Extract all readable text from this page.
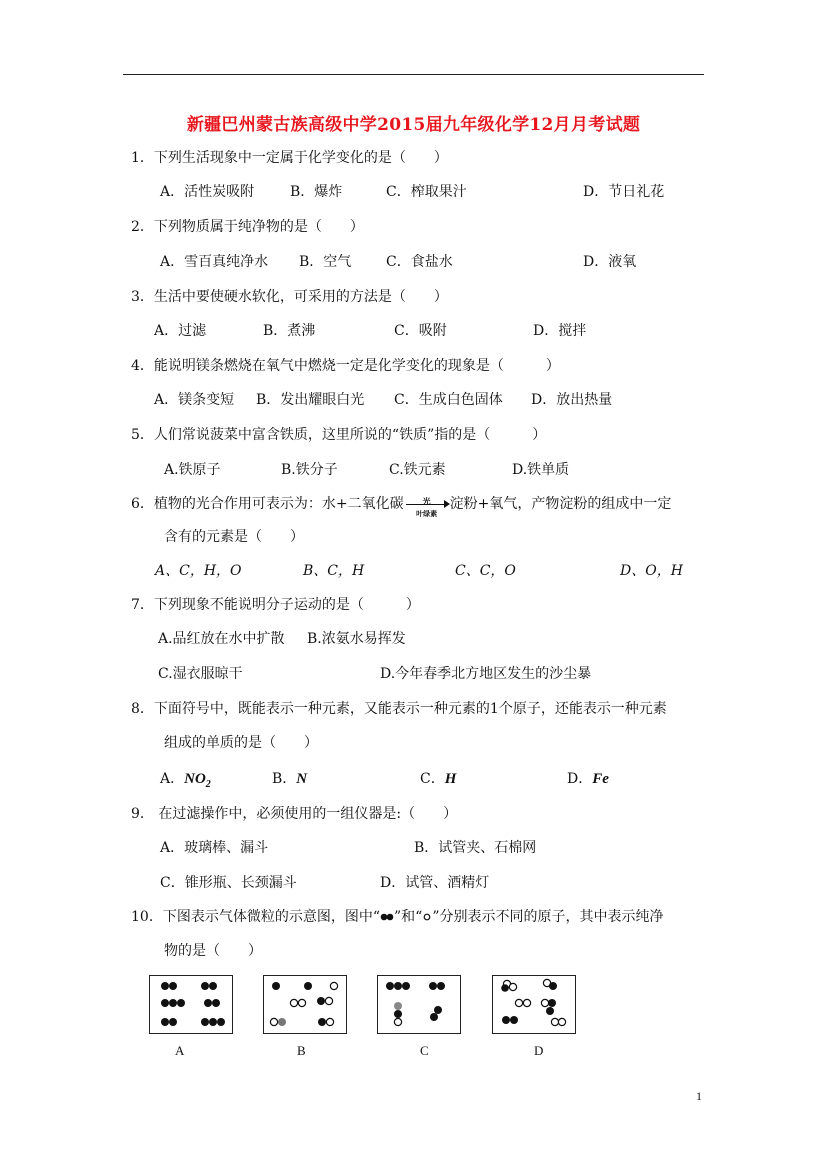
新疆巴州蒙古族高级中学2015届九年级化学12月月考试题
1．下列生活现象中一定属于化学变化的是（　　）
A．活性炭吸附	B．爆炸	C．榨取果汁	D．节日礼花
2．下列物质属于纯净物的是（　　）
A．雪百真纯净水 B．空气 C．食盐水	D．液氧
3．生活中要使硬水软化，可采用的方法是（　　）
A．过滤	B．煮沸	C．吸附	D．搅拌
4．能说明镁条燃烧在氧气中燃烧一定是化学变化的现象是（　　　）
A．镁条变短 B．发出耀眼白光 C．生成白色固体 D．放出热量
5．人们常说菠菜中富含铁质，这里所说的“铁质”指的是（　　　）
A.铁原子	B.铁分子	C.铁元素	D.铁单质
6．植物的光合作用可表示为：水+二氧化碳	光
叶绿素
淀粉+氧气，产物淀粉的组成中一定
含有的元素是（　　）
A、C，H，O	B、C，H	C、C，O	D、O，H
7．下列现象不能说明分子运动的是（　　　）
A.品红放在水中扩散 B.浓氨水易挥发
C.湿衣服晾干	D.今年春季北方地区发生的沙尘暴
8．下面符号中，既能表示一种元素，又能表示一种元素的1个原子，还能表示一种元素
组成的单质的是（　　）
A．$NO_2$	B．N	C．H	D．Fe
9． 在过滤操作中，必须使用的一组仪器是:（　　）
A．玻璃棒、漏斗	B．试管夹、石棉网
C．锥形瓶、长颈漏斗	D．试管、酒精灯
10．下图表示气体微粒的示意图，图中“ ”和“ ”分别表示不同的原子，其中表示纯净
物的是（　　）
A	B	C	D
1
